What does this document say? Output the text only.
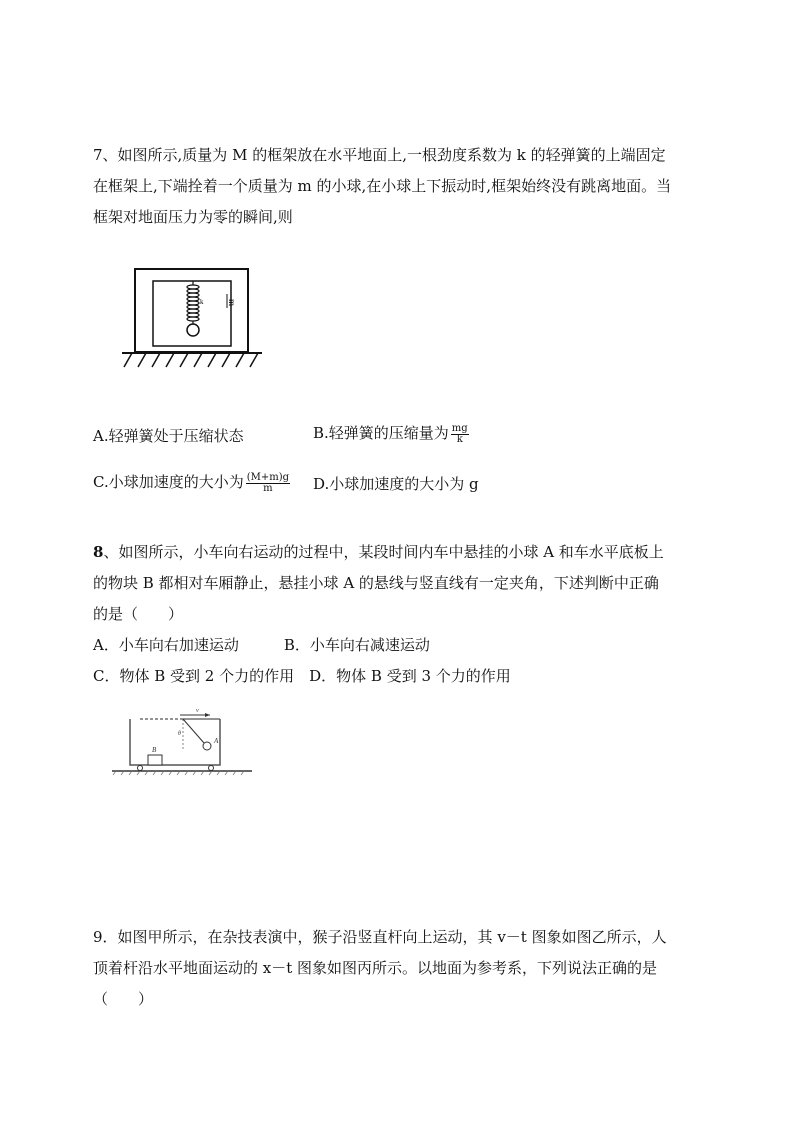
7、如图所示,质量为 M 的框架放在水平地面上,一根劲度系数为 k 的轻弹簧的上端固定
在框架上,下端拴着一个质量为 m 的小球,在小球上下振动时,框架始终没有跳离地面。当
框架对地面压力为零的瞬间,则
k	m
A.轻弹簧处于压缩状态	B.轻弹簧的压缩量为 $\frac{mg}{k}$
C.小球加速度的大小为 $\frac{(M+m)g}{m} D$.小球加速度的大小为 g
8、如图所示，小车向右运动的过程中，某段时间内车中悬挂的小球 A 和车水平底板上
的物块 B 都相对车厢静止，悬挂小球 A 的悬线与竖直线有一定夹角，下述判断中正确
的是（　　）
A．小车向右加速运动　　　B．小车向右减速运动
C．物体 B 受到 2 个力的作用　D．物体 B 受到 3 个力的作用
v
A
θ
B
9．如图甲所示，在杂技表演中，猴子沿竖直杆向上运动，其 v－t 图象如图乙所示，人
顶着杆沿水平地面运动的 x－t 图象如图丙所示。以地面为参考系，下列说法正确的是
（　　）
